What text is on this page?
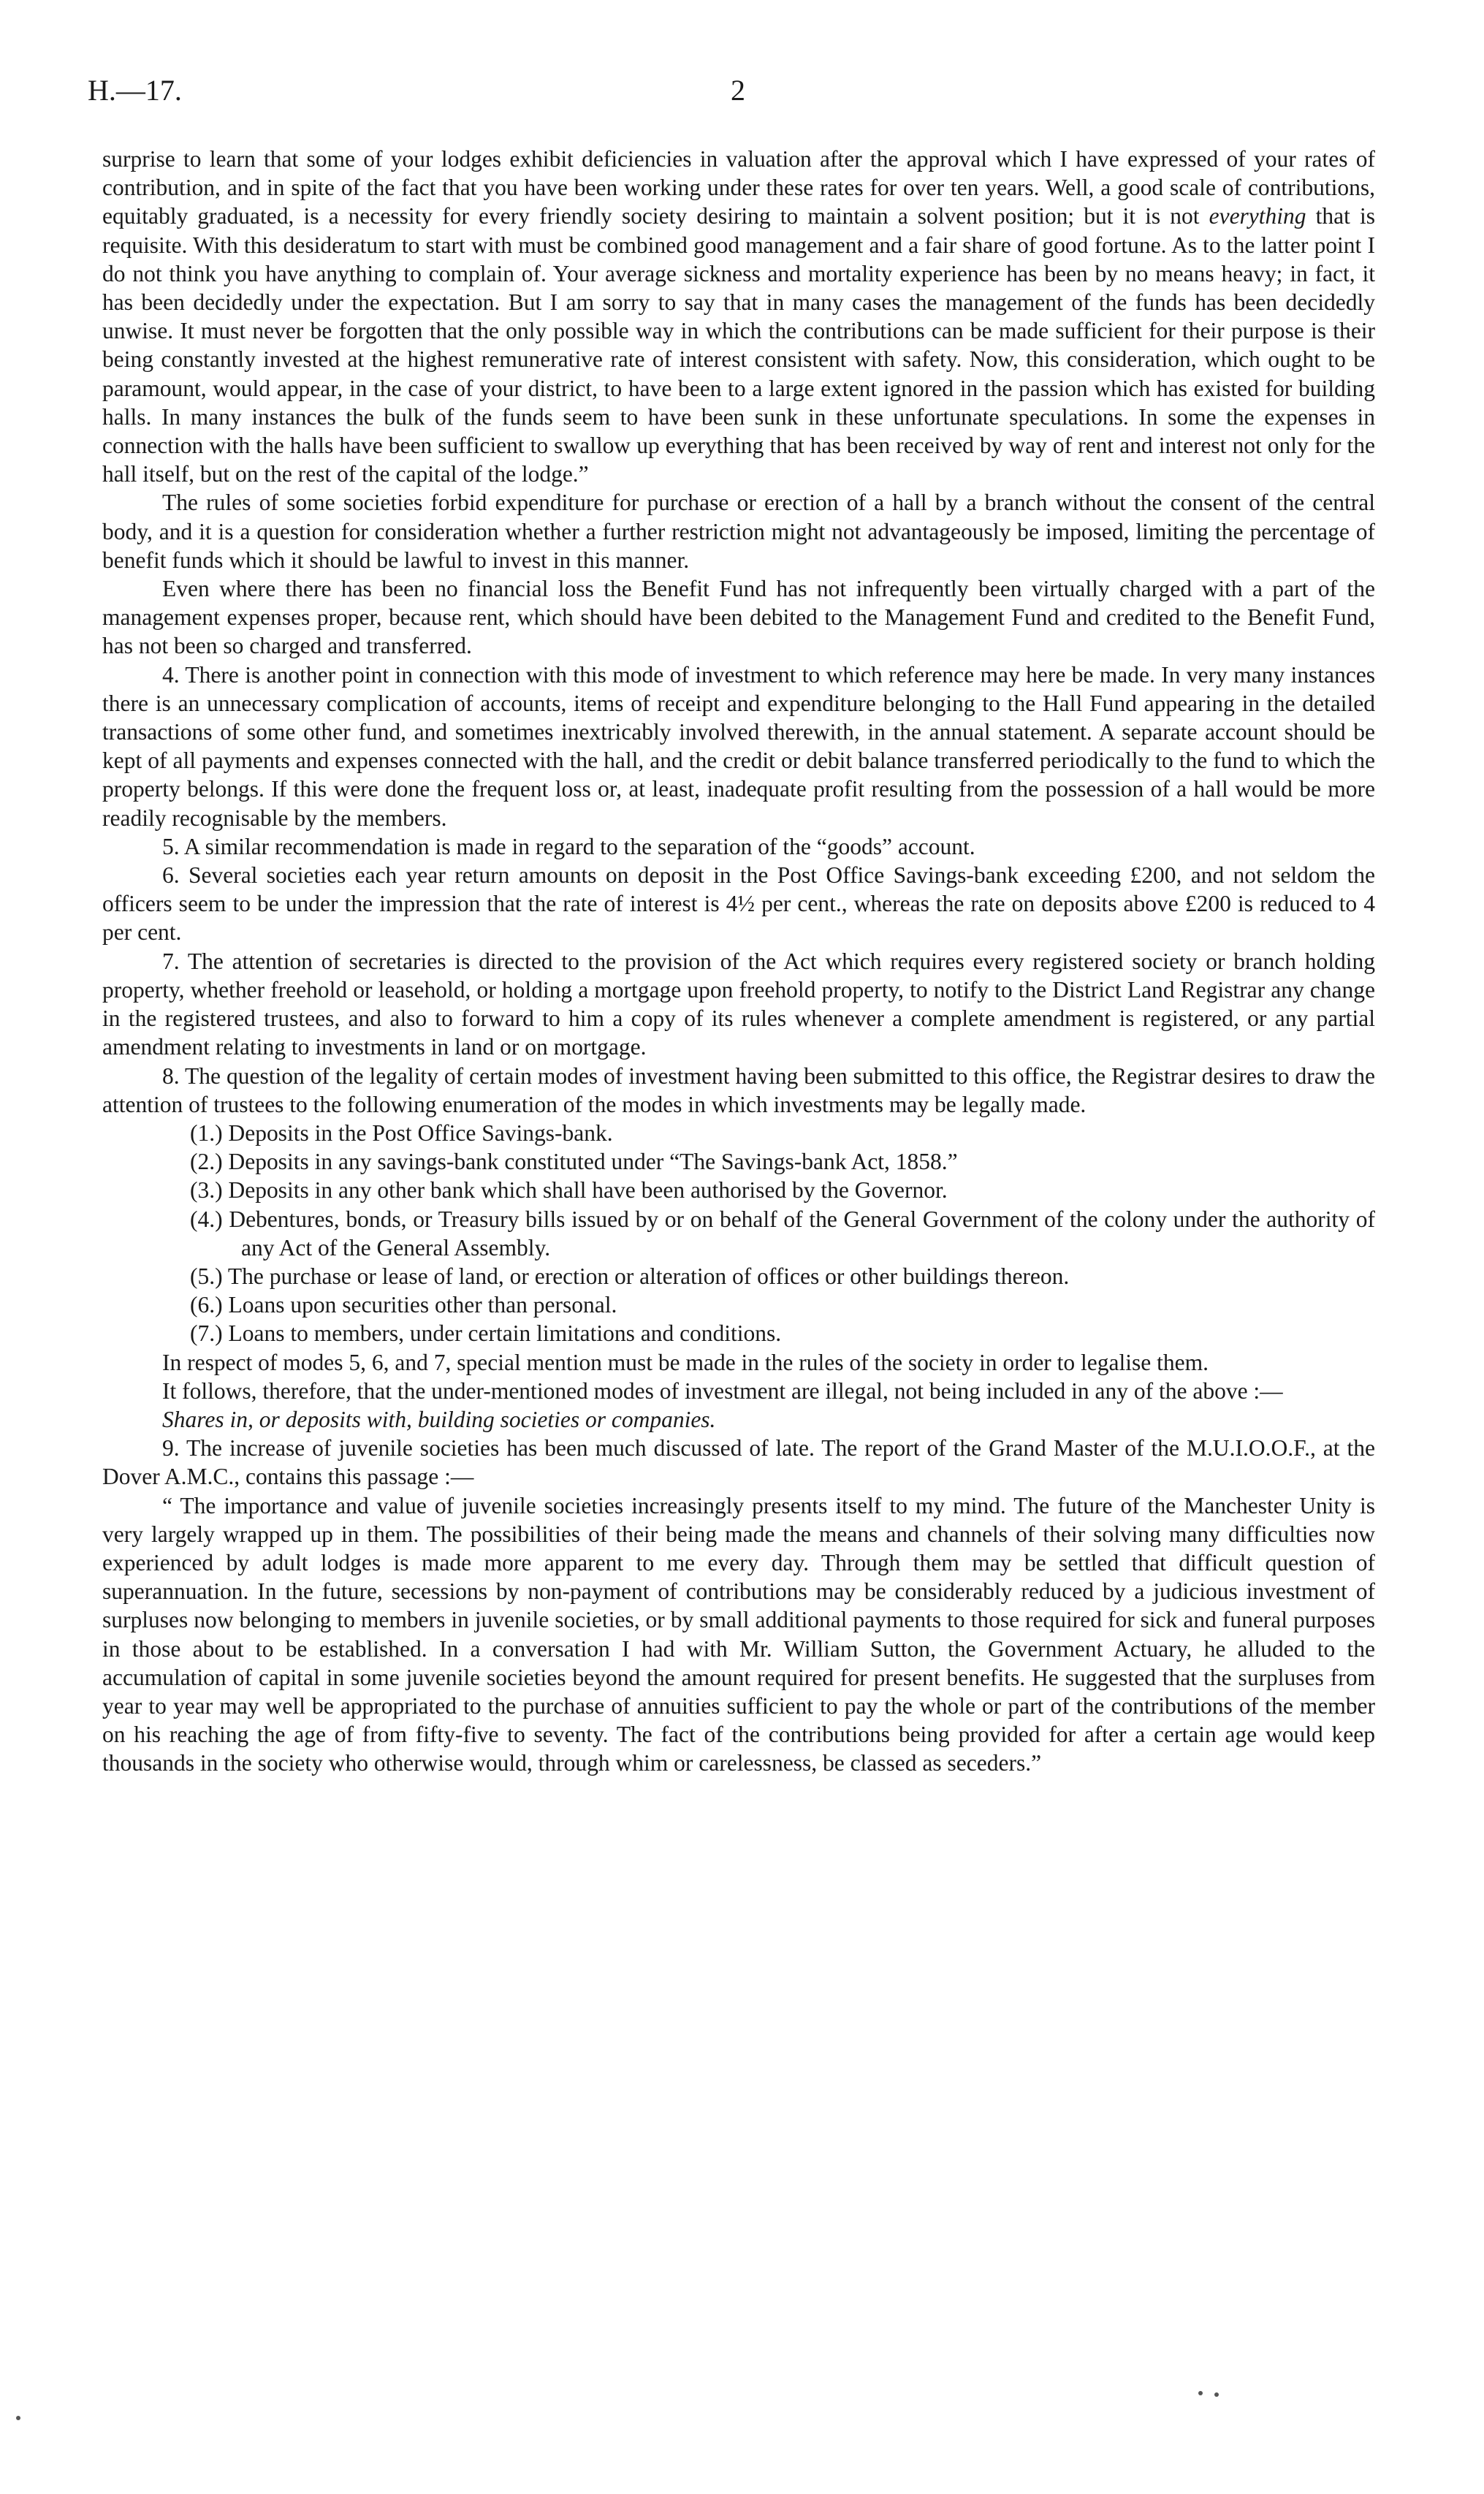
H.—17.	2

surprise to learn that some of your lodges exhibit deficiencies in valuation after the approval which I have expressed of your rates of contribution, and in spite of the fact that you have been working under these rates for over ten years. Well, a good scale of contributions, equitably graduated, is a necessity for every friendly society desiring to maintain a solvent position; but it is not everything that is requisite. With this desideratum to start with must be combined good management and a fair share of good fortune. As to the latter point I do not think you have anything to complain of. Your average sickness and mortality experience has been by no means heavy; in fact, it has been decidedly under the expectation. But I am sorry to say that in many cases the management of the funds has been decidedly unwise. It must never be forgotten that the only possible way in which the contributions can be made sufficient for their purpose is their being constantly invested at the highest remunerative rate of interest consistent with safety. Now, this consideration, which ought to be paramount, would appear, in the case of your district, to have been to a large extent ignored in the passion which has existed for building halls. In many instances the bulk of the funds seem to have been sunk in these unfortunate speculations. In some the expenses in connection with the halls have been sufficient to swallow up everything that has been received by way of rent and interest not only for the hall itself, but on the rest of the capital of the lodge.”

The rules of some societies forbid expenditure for purchase or erection of a hall by a branch without the consent of the central body, and it is a question for consideration whether a further restriction might not advantageously be imposed, limiting the percentage of benefit funds which it should be lawful to invest in this manner.

Even where there has been no financial loss the Benefit Fund has not infrequently been virtually charged with a part of the management expenses proper, because rent, which should have been debited to the Management Fund and credited to the Benefit Fund, has not been so charged and transferred.

4. There is another point in connection with this mode of investment to which reference may here be made. In very many instances there is an unnecessary complication of accounts, items of receipt and expenditure belonging to the Hall Fund appearing in the detailed transactions of some other fund, and sometimes inextricably involved therewith, in the annual statement. A separate account should be kept of all payments and expenses connected with the hall, and the credit or debit balance transferred periodically to the fund to which the property belongs. If this were done the frequent loss or, at least, inadequate profit resulting from the possession of a hall would be more readily recognisable by the members.

5. A similar recommendation is made in regard to the separation of the “goods” account.

6. Several societies each year return amounts on deposit in the Post Office Savings-bank exceeding £200, and not seldom the officers seem to be under the impression that the rate of interest is 4½ per cent., whereas the rate on deposits above £200 is reduced to 4 per cent.

7. The attention of secretaries is directed to the provision of the Act which requires every registered society or branch holding property, whether freehold or leasehold, or holding a mortgage upon freehold property, to notify to the District Land Registrar any change in the registered trustees, and also to forward to him a copy of its rules whenever a complete amendment is registered, or any partial amendment relating to investments in land or on mortgage.

8. The question of the legality of certain modes of investment having been submitted to this office, the Registrar desires to draw the attention of trustees to the following enumeration of the modes in which investments may be legally made.

(1.) Deposits in the Post Office Savings-bank.

(2.) Deposits in any savings-bank constituted under “The Savings-bank Act, 1858.”

(3.) Deposits in any other bank which shall have been authorised by the Governor.

(4.) Debentures, bonds, or Treasury bills issued by or on behalf of the General Government of the colony under the authority of any Act of the General Assembly.

(5.) The purchase or lease of land, or erection or alteration of offices or other buildings thereon.

(6.) Loans upon securities other than personal.

(7.) Loans to members, under certain limitations and conditions.

In respect of modes 5, 6, and 7, special mention must be made in the rules of the society in order to legalise them.

It follows, therefore, that the under-mentioned modes of investment are illegal, not being included in any of the above :—

Shares in, or deposits with, building societies or companies.

9. The increase of juvenile societies has been much discussed of late. The report of the Grand Master of the M.U.I.O.O.F., at the Dover A.M.C., contains this passage :—

“ The importance and value of juvenile societies increasingly presents itself to my mind. The future of the Manchester Unity is very largely wrapped up in them. The possibilities of their being made the means and channels of their solving many difficulties now experienced by adult lodges is made more apparent to me every day. Through them may be settled that difficult question of superannuation. In the future, secessions by non-payment of contributions may be considerably reduced by a judicious investment of surpluses now belonging to members in juvenile societies, or by small additional payments to those required for sick and funeral purposes in those about to be established. In a conversation I had with Mr. William Sutton, the Government Actuary, he alluded to the accumulation of capital in some juvenile societies beyond the amount required for present benefits. He suggested that the surpluses from year to year may well be appropriated to the purchase of annuities sufficient to pay the whole or part of the contributions of the member on his reaching the age of from fifty-five to seventy. The fact of the contributions being provided for after a certain age would keep thousands in the society who otherwise would, through whim or carelessness, be classed as seceders.”
